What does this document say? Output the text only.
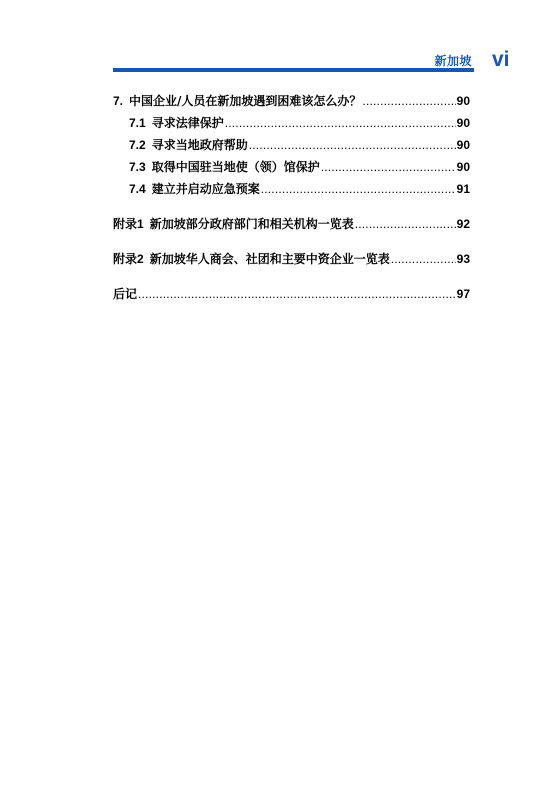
新加坡 vi
7. 中国企业/人员在新加坡遇到困难该怎么办？ .....	90
7.1 寻求法律保护 .....	90
7.2 寻求当地政府帮助 .....	90
7.3 取得中国驻当地使（领）馆保护 .....	90
7.4 建立并启动应急预案 .....	91
附录1 新加坡部分政府部门和相关机构一览表 .....	92
附录2 新加坡华人商会、社团和主要中资企业一览表 .....	93
后记 .....	97
